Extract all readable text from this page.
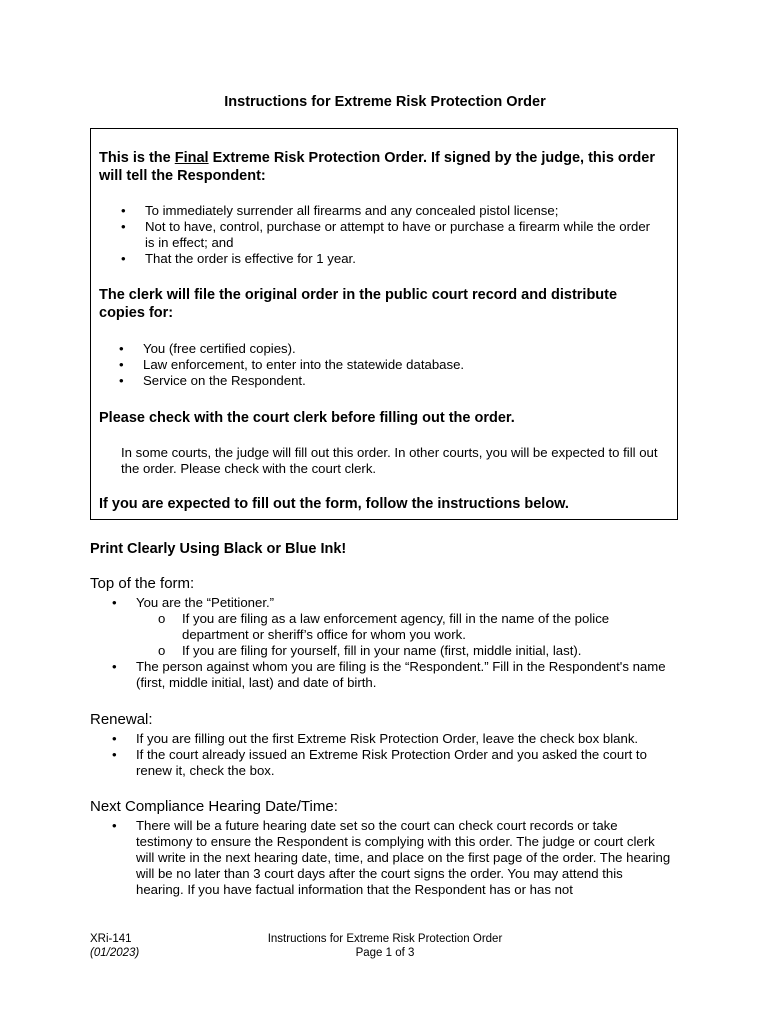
Instructions for Extreme Risk Protection Order
This is the Final Extreme Risk Protection Order. If signed by the judge, this order will tell the Respondent:
• To immediately surrender all firearms and any concealed pistol license;
• Not to have, control, purchase or attempt to have or purchase a firearm while the order is in effect; and
• That the order is effective for 1 year.
The clerk will file the original order in the public court record and distribute copies for:
• You (free certified copies).
• Law enforcement, to enter into the statewide database.
• Service on the Respondent.
Please check with the court clerk before filling out the order.
In some courts, the judge will fill out this order. In other courts, you will be expected to fill out the order. Please check with the court clerk.
If you are expected to fill out the form, follow the instructions below.
Print Clearly Using Black or Blue Ink!
Top of the form:
• You are the “Petitioner.”
o If you are filing as a law enforcement agency, fill in the name of the police department or sheriff’s office for whom you work.
o If you are filing for yourself, fill in your name (first, middle initial, last).
• The person against whom you are filing is the “Respondent.” Fill in the Respondent's name (first, middle initial, last) and date of birth.
Renewal:
• If you are filling out the first Extreme Risk Protection Order, leave the check box blank.
• If the court already issued an Extreme Risk Protection Order and you asked the court to renew it, check the box.
Next Compliance Hearing Date/Time:
• There will be a future hearing date set so the court can check court records or take testimony to ensure the Respondent is complying with this order. The judge or court clerk will write in the next hearing date, time, and place on the first page of the order. The hearing will be no later than 3 court days after the court signs the order. You may attend this hearing. If you have factual information that the Respondent has or has not
XRi-141
(01/2023)
Instructions for Extreme Risk Protection Order
Page 1 of 3
